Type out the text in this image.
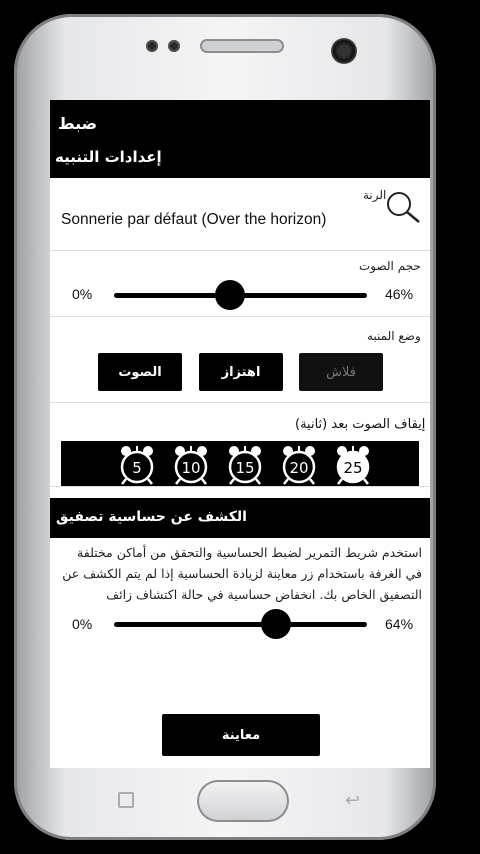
ضبط
إعدادات التنبيه
الرنة
Sonnerie par défaut (Over the horizon)
حجم الصوت
0%	46%
وضع المنبه
فلاش
اهتزاز
الصوت
إيقاف الصوت بعد (ثانية)
5	10 15 20 25
الكشف عن حساسية تصفيق
استخدم شريط التمرير لضبط الحساسية والتحقق من أماكن مختلفة في الغرفة باستخدام زر معاينة لزيادة الحساسية إذا لم يتم الكشف عن التصفيق الخاص بك. انخفاض حساسية في حالة اكتشاف زائف
0%	64%
معاينة
↩
